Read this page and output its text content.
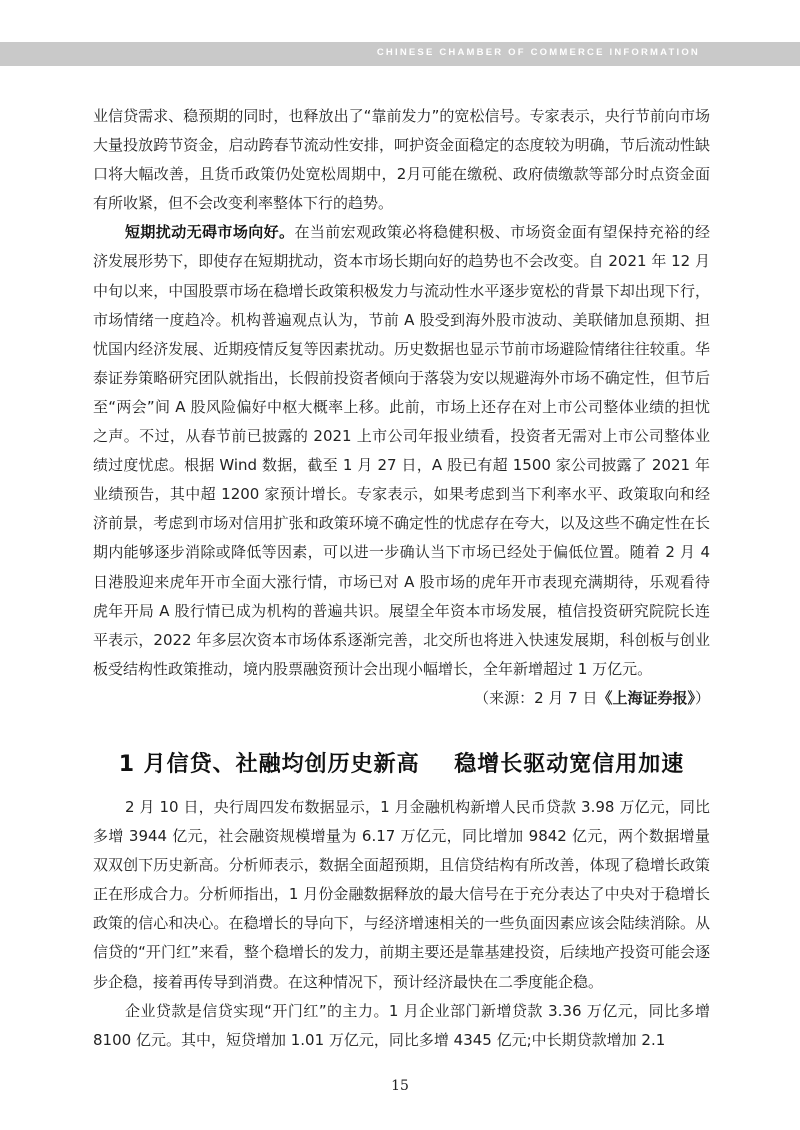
CHINESE CHAMBER OF COMMERCE INFORMATION

业信贷需求、稳预期的同时，也释放出了“靠前发力”的宽松信号。专家表示，央行节前向市场大量投放跨节资金，启动跨春节流动性安排，呵护资金面稳定的态度较为明确，节后流动性缺口将大幅改善，且货币政策仍处宽松周期中，2月可能在缴税、政府债缴款等部分时点资金面有所收紧，但不会改变利率整体下行的趋势。

短期扰动无碍市场向好。在当前宏观政策必将稳健积极、市场资金面有望保持充裕的经济发展形势下，即使存在短期扰动，资本市场长期向好的趋势也不会改变。自 2021 年 12 月中旬以来，中国股票市场在稳增长政策积极发力与流动性水平逐步宽松的背景下却出现下行，市场情绪一度趋冷。机构普遍观点认为，节前 A 股受到海外股市波动、美联储加息预期、担忧国内经济发展、近期疫情反复等因素扰动。历史数据也显示节前市场避险情绪往往较重。华泰证券策略研究团队就指出，长假前投资者倾向于落袋为安以规避海外市场不确定性，但节后至“两会”间 A 股风险偏好中枢大概率上移。此前，市场上还存在对上市公司整体业绩的担忧之声。不过，从春节前已披露的 2021 上市公司年报业绩看，投资者无需对上市公司整体业绩过度忧虑。根据 Wind 数据，截至 1 月 27 日，A 股已有超 1500 家公司披露了 2021 年业绩预告，其中超 1200 家预计增长。专家表示，如果考虑到当下利率水平、政策取向和经济前景，考虑到市场对信用扩张和政策环境不确定性的忧虑存在夸大，以及这些不确定性在长期内能够逐步消除或降低等因素，可以进一步确认当下市场已经处于偏低位置。随着 2 月 4 日港股迎来虎年开市全面大涨行情，市场已对 A 股市场的虎年开市表现充满期待，乐观看待虎年开局 A 股行情已成为机构的普遍共识。展望全年资本市场发展，植信投资研究院院长连平表示，2022 年多层次资本市场体系逐渐完善，北交所也将进入快速发展期，科创板与创业板受结构性政策推动，境内股票融资预计会出现小幅增长，全年新增超过 1 万亿元。

（来源：2 月 7 日《上海证券报》）

1 月信贷、社融均创历史新高    稳增长驱动宽信用加速

2 月 10 日，央行周四发布数据显示，1 月金融机构新增人民币贷款 3.98 万亿元，同比多增 3944 亿元，社会融资规模增量为 6.17 万亿元，同比增加 9842 亿元，两个数据增量双双创下历史新高。分析师表示，数据全面超预期，且信贷结构有所改善，体现了稳增长政策正在形成合力。分析师指出，1 月份金融数据释放的最大信号在于充分表达了中央对于稳增长政策的信心和决心。在稳增长的导向下，与经济增速相关的一些负面因素应该会陆续消除。从信贷的“开门红”来看，整个稳增长的发力，前期主要还是靠基建投资，后续地产投资可能会逐步企稳，接着再传导到消费。在这种情况下，预计经济最快在二季度能企稳。

企业贷款是信贷实现“开门红”的主力。1 月企业部门新增贷款 3.36 万亿元，同比多增 8100 亿元。其中，短贷增加 1.01 万亿元，同比多增 4345 亿元;中长期贷款增加 2.1

15
